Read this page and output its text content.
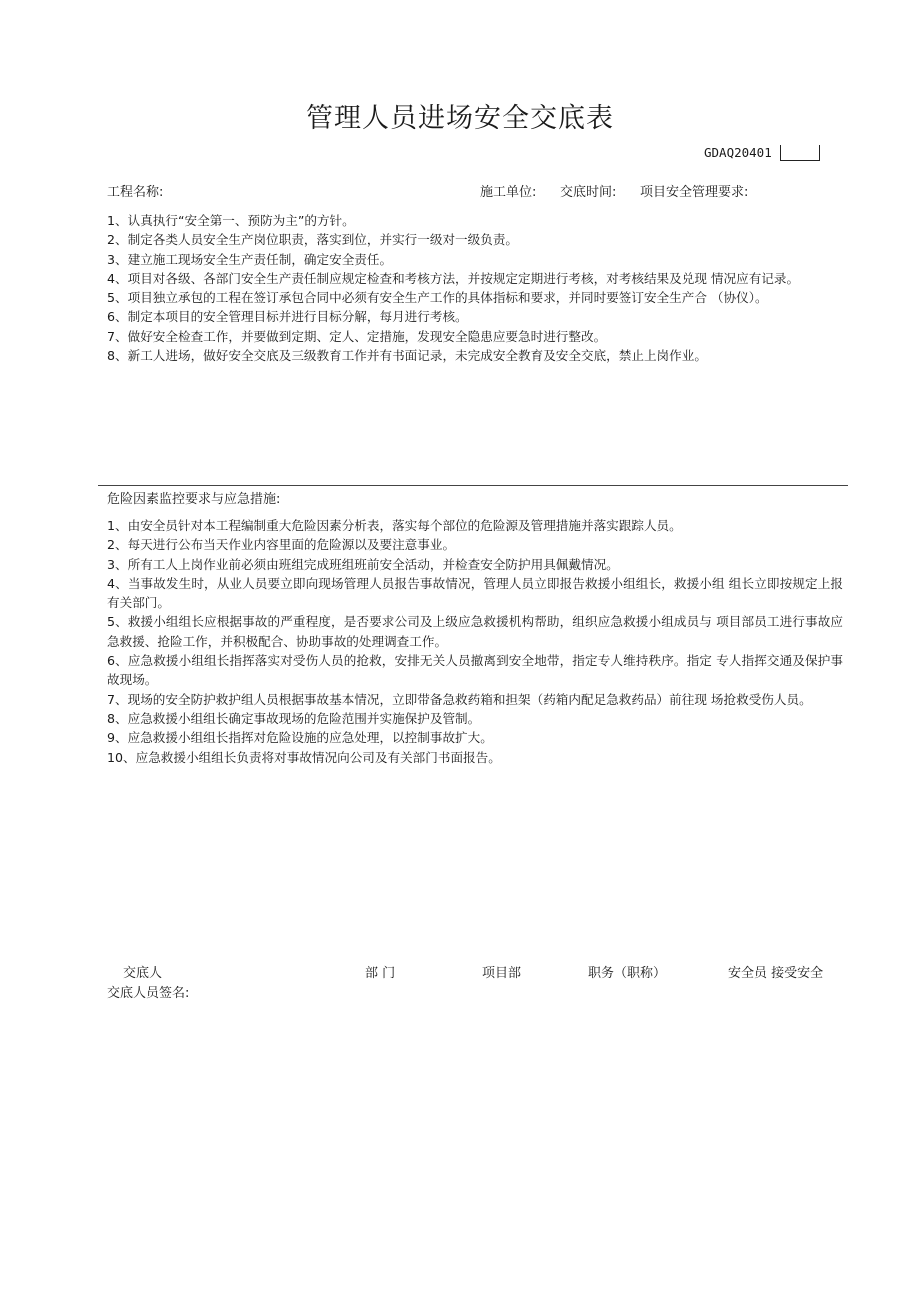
管理人员进场安全交底表
GDAQ20401
工程名称:	施工单位: 交底时间: 项目安全管理要求:

1、认真执行“安全第一、预防为主”的方针。

2、制定各类人员安全生产岗位职责，落实到位，并实行一级对一级负责。

3、建立施工现场安全生产责任制，确定安全责任。

4、项目对各级、各部门安全生产责任制应规定检查和考核方法，并按规定定期进行考核，对考核结果及兑现 情况应有记录。

5、项目独立承包的工程在签订承包合同中必须有安全生产工作的具体指标和要求，并同时要签订安全生产合 （协仪）。

6、制定本项目的安全管理目标并进行目标分解，每月进行考核。

7、做好安全检查工作，并要做到定期、定人、定措施，发现安全隐患应要急时进行整改。

8、新工人进场，做好安全交底及三级教育工作并有书面记录，未完成安全教育及安全交底，禁止上岗作业。

危险因素监控要求与应急措施:

1、由安全员针对本工程编制重大危险因素分析表，落实每个部位的危险源及管理措施并落实跟踪人员。

2、每天进行公布当天作业内容里面的危险源以及要注意事业。

3、所有工人上岗作业前必须由班组完成班组班前安全活动，并检查安全防护用具佩戴情况。

4、当事故发生时，从业人员要立即向现场管理人员报告事故情况，管理人员立即报告救援小组组长，救援小组 组长立即按规定上报有关部门。

5、救援小组组长应根据事故的严重程度，是否要求公司及上级应急救援机构帮助，组织应急救援小组成员与 项目部员工进行事故应急救援、抢险工作，并积极配合、协助事故的处理调查工作。

6、应急救援小组组长指挥落实对受伤人员的抢救，安排无关人员撤离到安全地带，指定专人维持秩序。指定 专人指挥交通及保护事故现场。

7、现场的安全防护救护组人员根据事故基本情况，立即带备急救药箱和担架（药箱内配足急救药品）前往现 场抢救受伤人员。

8、应急救援小组组长确定事故现场的危险范围并实施保护及管制。

9、应急救援小组组长指挥对危险设施的应急处理，以控制事故扩大。

10、应急救援小组组长负责将对事故情况向公司及有关部门书面报告。

交底人	部 门	项目部	职务（职称）	安全员 接受安全
交底人员签名:
